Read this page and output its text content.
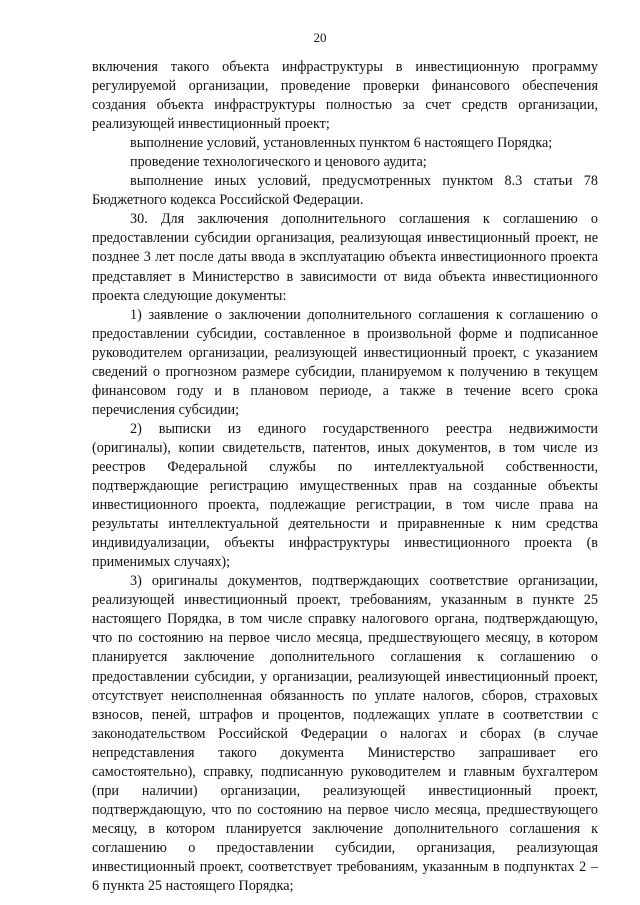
20

включения такого объекта инфраструктуры в инвестиционную программу регулируемой организации, проведение проверки финансового обеспечения создания объекта инфраструктуры полностью за счет средств организации, реализующей инвестиционный проект;

выполнение условий, установленных пунктом 6 настоящего Порядка;

проведение технологического и ценового аудита;

выполнение иных условий, предусмотренных пунктом 8.3 статьи 78 Бюджетного кодекса Российской Федерации.

30. Для заключения дополнительного соглашения к соглашению о предоставлении субсидии организация, реализующая инвестиционный проект, не позднее 3 лет после даты ввода в эксплуатацию объекта инвестиционного проекта представляет в Министерство в зависимости от вида объекта инвестиционного проекта следующие документы:

1) заявление о заключении дополнительного соглашения к соглашению о предоставлении субсидии, составленное в произвольной форме и подписанное руководителем организации, реализующей инвестиционный проект, с указанием сведений о прогнозном размере субсидии, планируемом к получению в текущем финансовом году и в плановом периоде, а также в течение всего срока перечисления субсидии;

2) выписки из единого государственного реестра недвижимости (оригиналы), копии свидетельств, патентов, иных документов, в том числе из реестров Федеральной службы по интеллектуальной собственности, подтверждающие регистрацию имущественных прав на созданные объекты инвестиционного проекта, подлежащие регистрации, в том числе права на результаты интеллектуальной деятельности и приравненные к ним средства индивидуализации, объекты инфраструктуры инвестиционного проекта (в применимых случаях);

3) оригиналы документов, подтверждающих соответствие организации, реализующей инвестиционный проект, требованиям, указанным в пункте 25 настоящего Порядка, в том числе справку налогового органа, подтверждающую, что по состоянию на первое число месяца, предшествующего месяцу, в котором планируется заключение дополнительного соглашения к соглашению о предоставлении субсидии, у организации, реализующей инвестиционный проект, отсутствует неисполненная обязанность по уплате налогов, сборов, страховых взносов, пеней, штрафов и процентов, подлежащих уплате в соответствии с законодательством Российской Федерации о налогах и сборах (в случае непредставления такого документа Министерство запрашивает его самостоятельно), справку, подписанную руководителем и главным бухгалтером (при наличии) организации, реализующей инвестиционный проект, подтверждающую, что по состоянию на первое число месяца, предшествующего месяцу, в котором планируется заключение дополнительного соглашения к соглашению о предоставлении субсидии, организация, реализующая инвестиционный проект, соответствует требованиям, указанным в подпунктах 2 – 6 пункта 25 настоящего Порядка;
